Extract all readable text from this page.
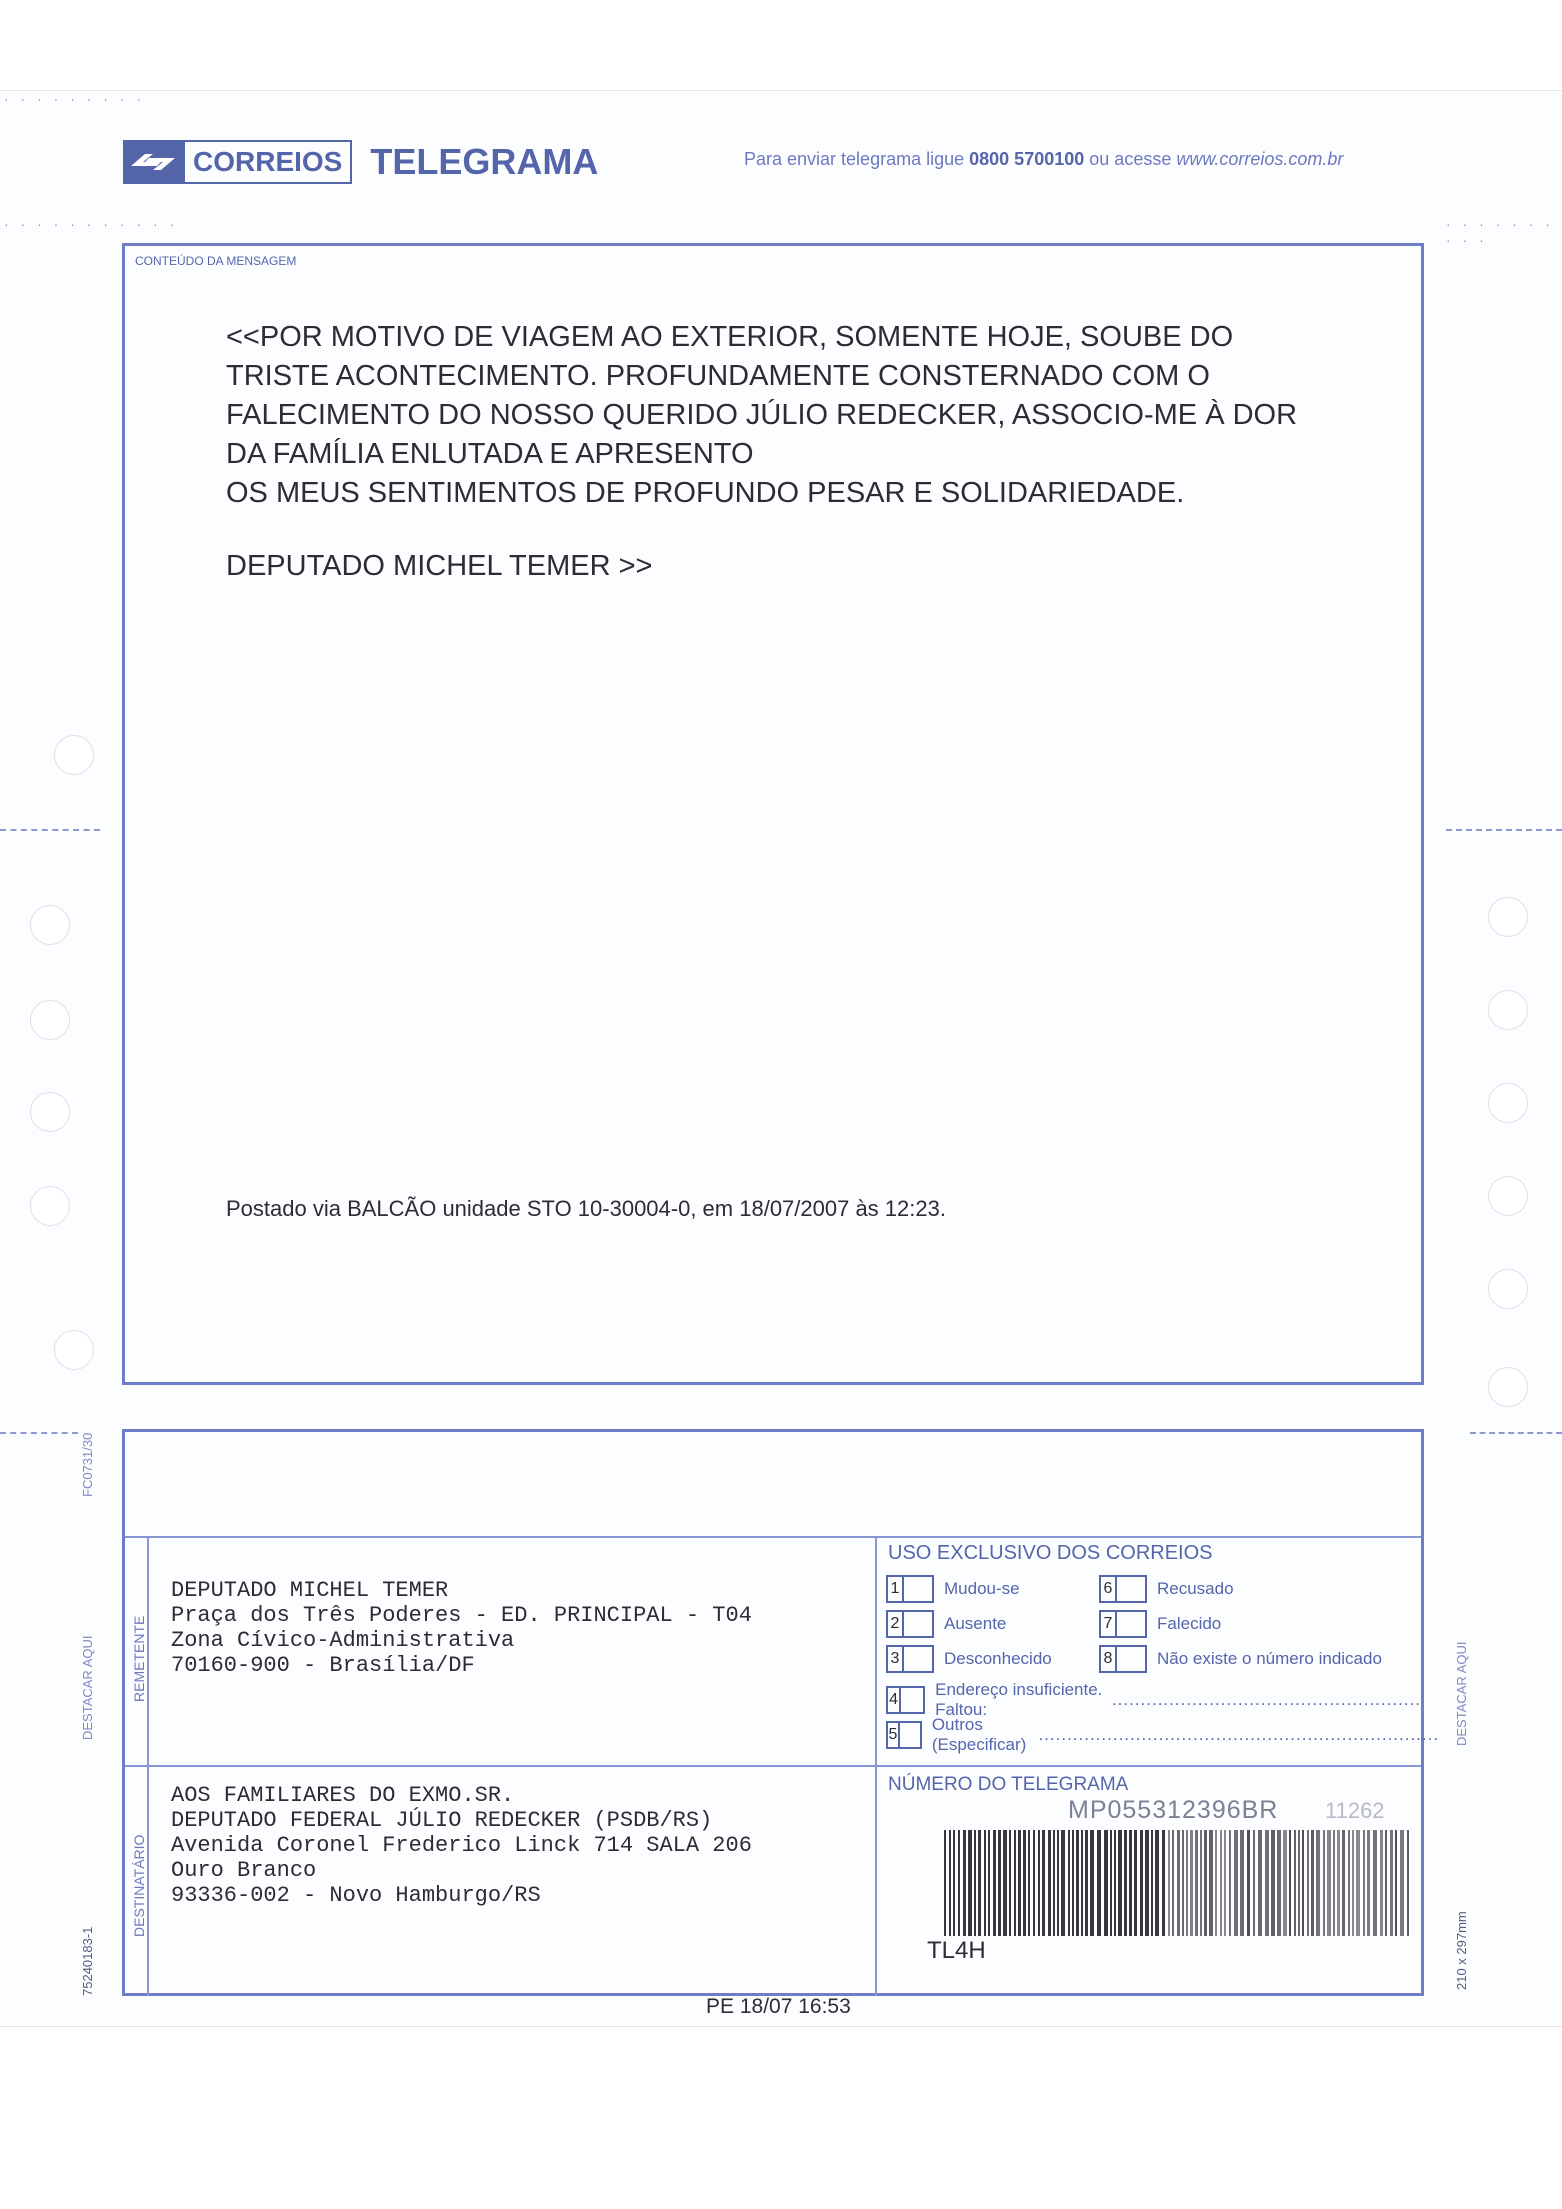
· · · · · · · · ·
· · · · · · · · · · ·	· · · · · · · · · ·
CORREIOS TELEGRAMA	Para enviar telegrama ligue 0800 5700100 ou acesse www.correios.com.br
CONTEÚDO DA MENSAGEM
<<POR MOTIVO DE VIAGEM AO EXTERIOR, SOMENTE HOJE, SOUBE DO
TRISTE ACONTECIMENTO. PROFUNDAMENTE CONSTERNADO COM O
FALECIMENTO DO NOSSO QUERIDO JÚLIO REDECKER, ASSOCIO-ME À DOR
DA FAMÍLIA ENLUTADA E APRESENTO
OS MEUS SENTIMENTOS DE PROFUNDO PESAR E SOLIDARIEDADE.
DEPUTADO MICHEL TEMER >>
Postado via BALCÃO unidade STO 10-30004-0, em 18/07/2007 às 12:23.
REMETENTE
DESTINATÁRIO
DEPUTADO MICHEL TEMER
Praça dos Três Poderes - ED. PRINCIPAL - T04
Zona Cívico-Administrativa
70160-900 - Brasília/DF
AOS FAMILIARES DO EXMO.SR.
DEPUTADO FEDERAL JÚLIO REDECKER (PSDB/RS)
Avenida Coronel Frederico Linck 714 SALA 206
Ouro Branco
93336-002 - Novo Hamburgo/RS
USO EXCLUSIVO DOS CORREIOS
1	Mudou-se	6	Recusado
2	Ausente	7	Falecido
3	Desconhecido	8	Não existe o número indicado
4
Endereço insuficiente. Faltou:
......................................................
5
Outros (Especificar)
......................................................................
NÚMERO DO TELEGRAMA
MP055312396BR 11262
TL4H
PE 18/07 16:53
FC0731/30
DESTACAR AQUI
75240183-1
DESTACAR AQUI
210 x 297mm
